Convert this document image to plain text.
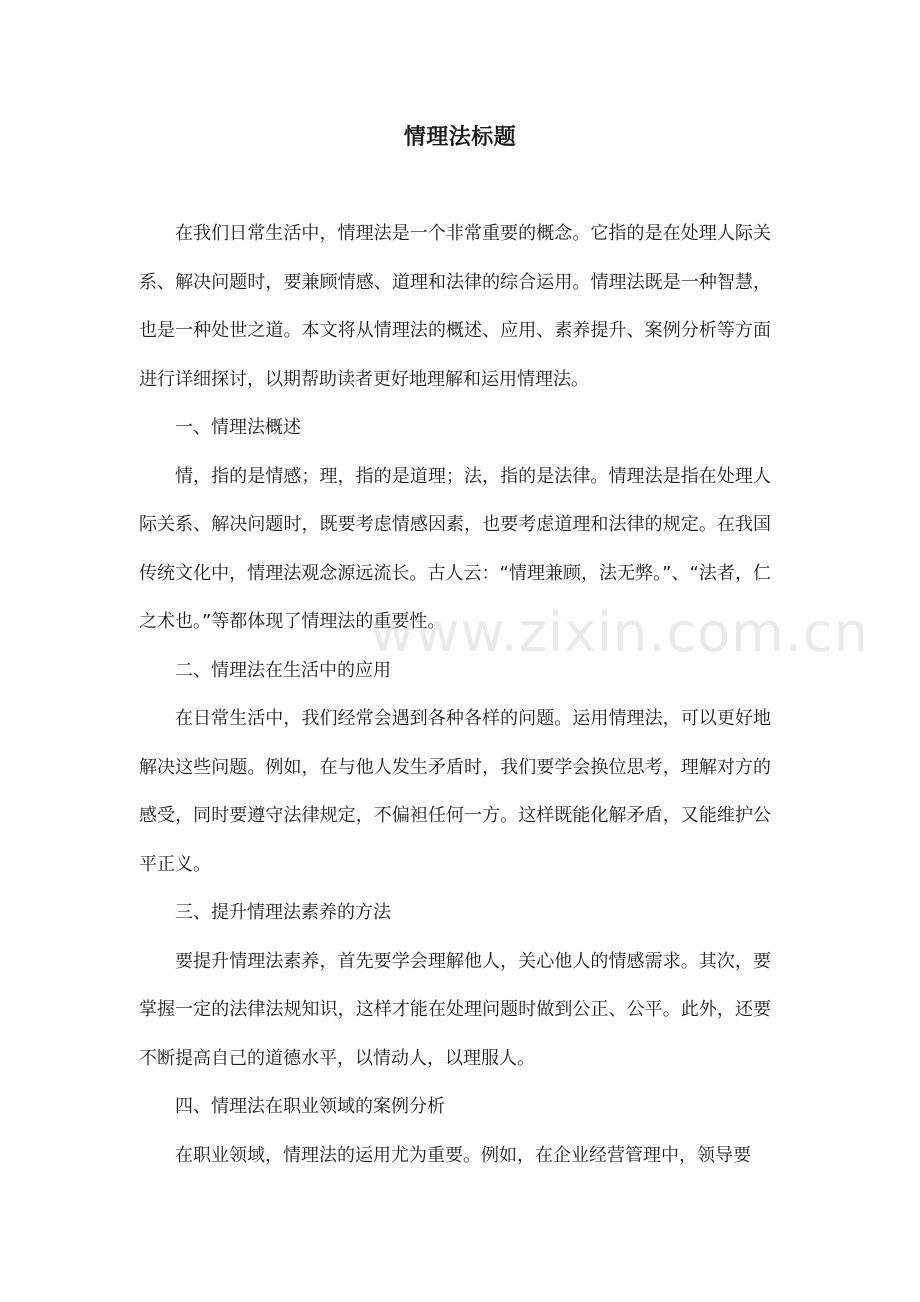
情理法标题

在我们日常生活中，情理法是一个非常重要的概念。它指的是在处理人际关系、解决问题时，要兼顾情感、道理和法律的综合运用。情理法既是一种智慧，也是一种处世之道。本文将从情理法的概述、应用、素养提升、案例分析等方面进行详细探讨，以期帮助读者更好地理解和运用情理法。

一、情理法概述

情，指的是情感；理，指的是道理；法，指的是法律。情理法是指在处理人际关系、解决问题时，既要考虑情感因素，也要考虑道理和法律的规定。在我国传统文化中，情理法观念源远流长。古人云：“情理兼顾，法无弊。”、“法者，仁之术也。”等都体现了情理法的重要性。

二、情理法在生活中的应用

在日常生活中，我们经常会遇到各种各样的问题。运用情理法，可以更好地解决这些问题。例如，在与他人发生矛盾时，我们要学会换位思考，理解对方的感受，同时要遵守法律规定，不偏袒任何一方。这样既能化解矛盾，又能维护公平正义。

三、提升情理法素养的方法

要提升情理法素养，首先要学会理解他人，关心他人的情感需求。其次，要掌握一定的法律法规知识，这样才能在处理问题时做到公正、公平。此外，还要不断提高自己的道德水平，以情动人，以理服人。

四、情理法在职业领域的案例分析

在职业领域，情理法的运用尤为重要。例如，在企业经营管理中，领导要

www.zixin.com.cn
